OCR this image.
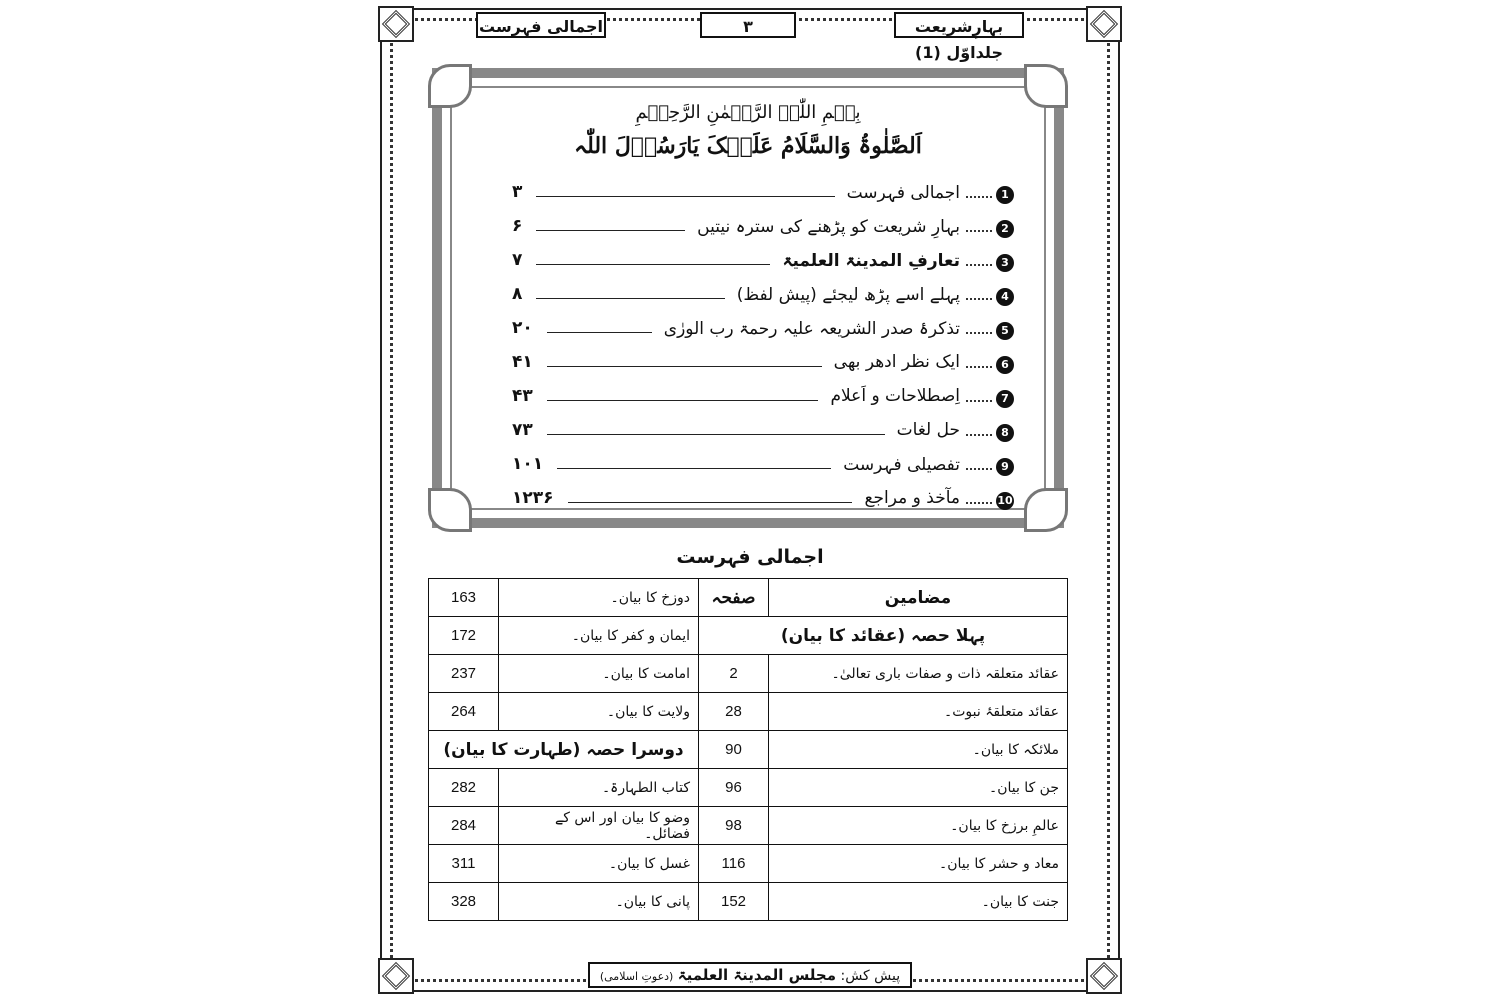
بہارِشریعت جلداوّل (1)
۳
اجمالی فہرست
بِسۡمِ اللّٰہِ الرَّحۡمٰنِ الرَّحِیۡمِ
اَلصَّلٰوۃُ وَالسَّلَامُ عَلَیۡکَ یَارَسُوۡلَ اللّٰہ
1
اجمالی فہرست
۳
2
بہارِ شریعت کو پڑھنے کی سترہ نیتیں
۶
3
تعارفِ المدینۃ العلمیۃ
۷
4
پہلے اسے پڑھ لیجئے (پیش لفظ)
۸
5
تذکرۂ صدر الشریعہ علیہ رحمۃ رب الورٰی
۲۰
6
ایک نظر ادھر بھی
۴۱
7
اِصطلاحات و اَعلام
۴۳
8
حل لغات
۷۳
9
تفصیلی فہرست
۱۰۱
10
مآخذ و مراجع
۱۲۳۶
اجمالی فہرست
مضامین	صفحہ	دوزخ کا بیان۔	163
پہلا حصہ (عقائد کا بیان)		ایمان و کفر کا بیان۔	172
عقائد متعلقہ ذات و صفات باری تعالیٰ۔	2	امامت کا بیان۔	237
عقائد متعلقۂ نبوت۔	28	ولایت کا بیان۔	264
ملائکہ کا بیان۔	90	دوسرا حصہ (طہارت کا بیان)	
جن کا بیان۔	96	کتاب الطہارۃ۔	282
عالمِ برزخ کا بیان۔	98	وضو کا بیان اور اس کے فضائل۔	284
معاد و حشر کا بیان۔	116	غسل کا بیان۔	311
جنت کا بیان۔	152	پانی کا بیان۔	328
پیش کش: مجلس المدینۃ العلمیۃ (دعوتِ اسلامی)
